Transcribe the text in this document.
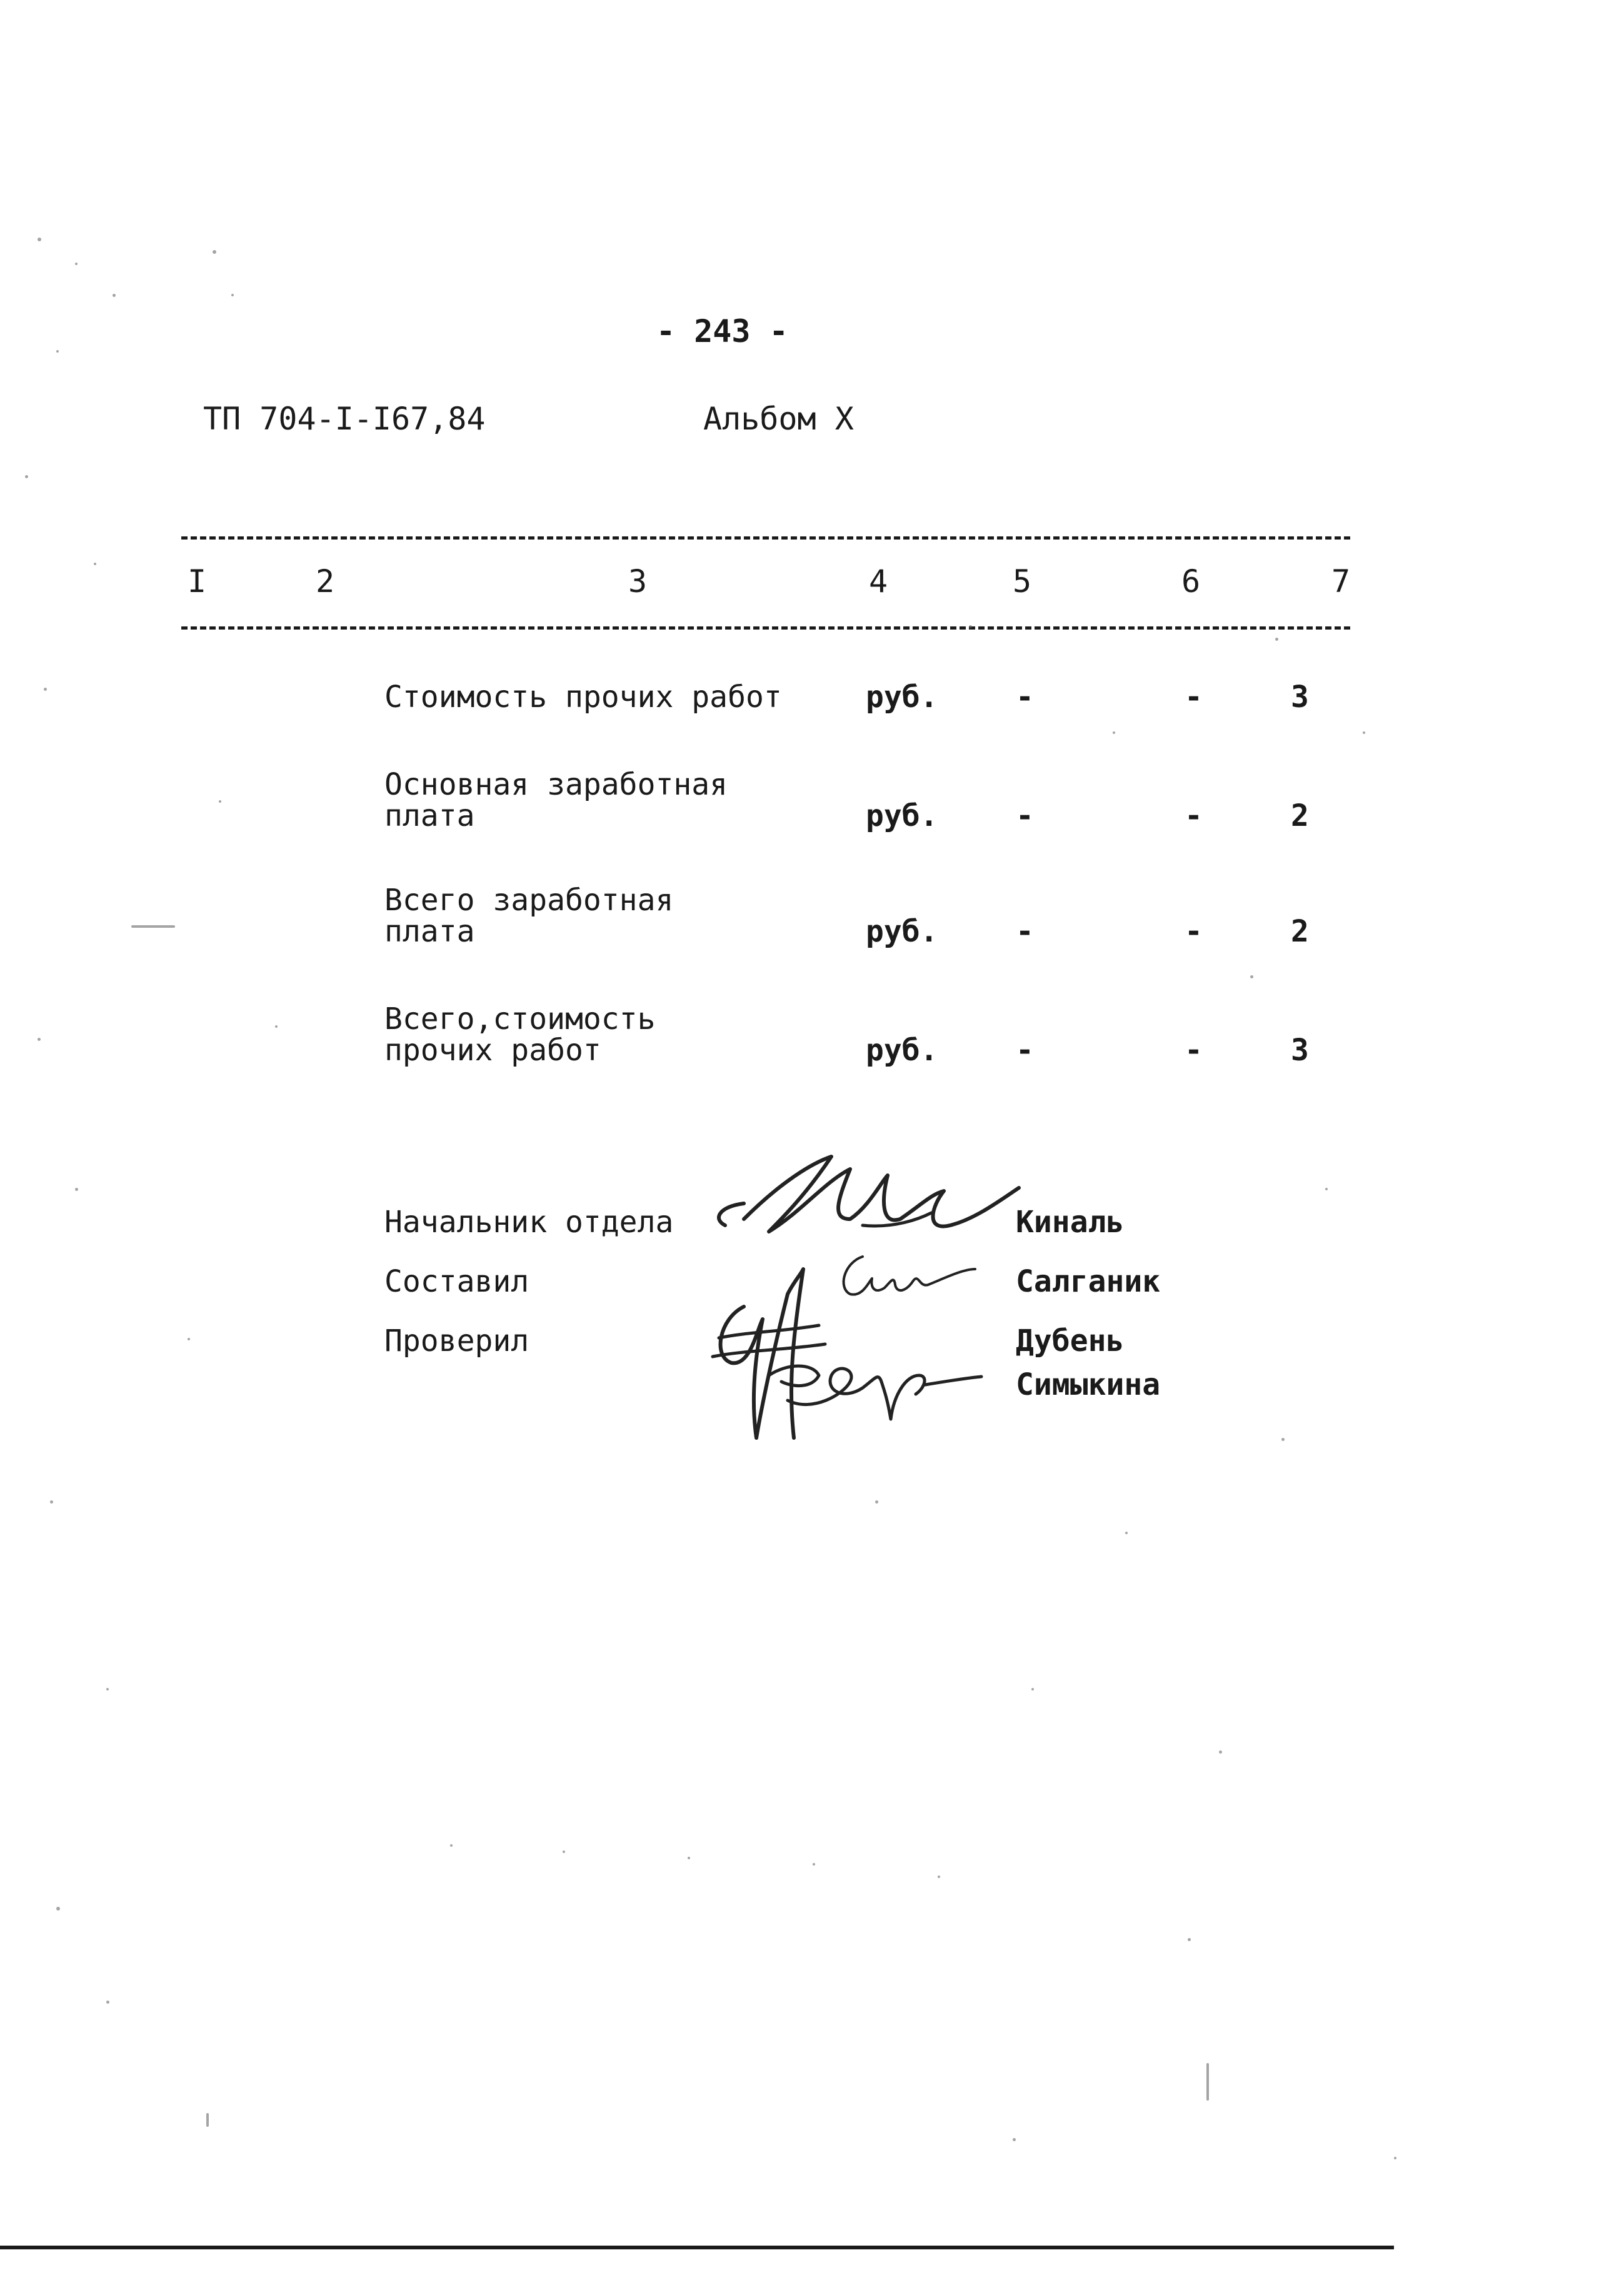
- 243 -
ТП 704-I-I67,84	Альбом X
I	2	3	4	5	6	7
Стоимость прочих работ	руб.	-	-	3
Основная заработная
плата	руб.	-	-	2
Всего заработная
плата	руб.	-	-	2
Всего,стоимость
прочих работ	руб.	-	-	3
Начальник отдела	Киналь
Составил	Салганик
Проверил	Дубень
Симыкина
